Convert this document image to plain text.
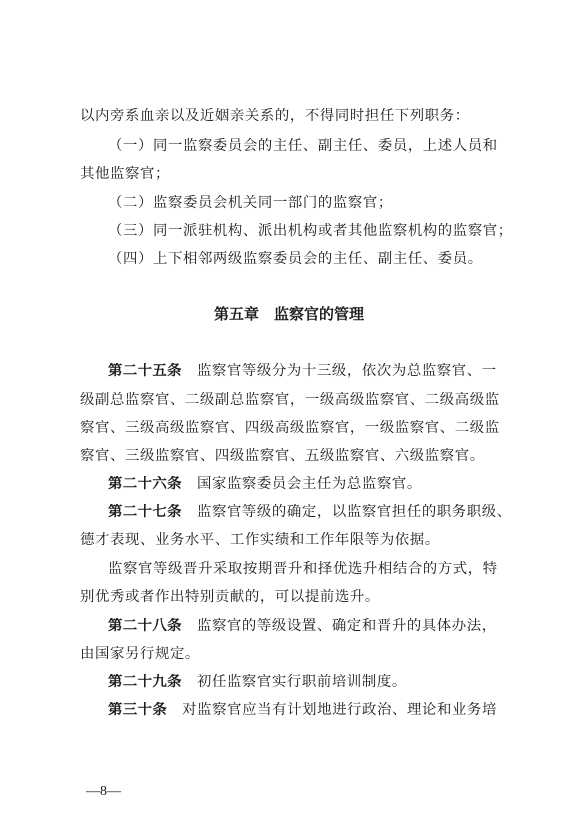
以内旁系血亲以及近姻亲关系的，不得同时担任下列职务：
（一）同一监察委员会的主任、副主任、委员，上述人员和
其他监察官；
（二）监察委员会机关同一部门的监察官；
（三）同一派驻机构、派出机构或者其他监察机构的监察官；
（四）上下相邻两级监察委员会的主任、副主任、委员。
第五章　监察官的管理
第二十五条　监察官等级分为十三级，依次为总监察官、一
级副总监察官、二级副总监察官，一级高级监察官、二级高级监
察官、三级高级监察官、四级高级监察官，一级监察官、二级监
察官、三级监察官、四级监察官、五级监察官、六级监察官。
第二十六条　国家监察委员会主任为总监察官。
第二十七条　监察官等级的确定，以监察官担任的职务职级、
德才表现、业务水平、工作实绩和工作年限等为依据。
监察官等级晋升采取按期晋升和择优选升相结合的方式，特
别优秀或者作出特别贡献的，可以提前选升。
第二十八条　监察官的等级设置、确定和晋升的具体办法，
由国家另行规定。
第二十九条　初任监察官实行职前培训制度。
第三十条　对监察官应当有计划地进行政治、理论和业务培
—8—
